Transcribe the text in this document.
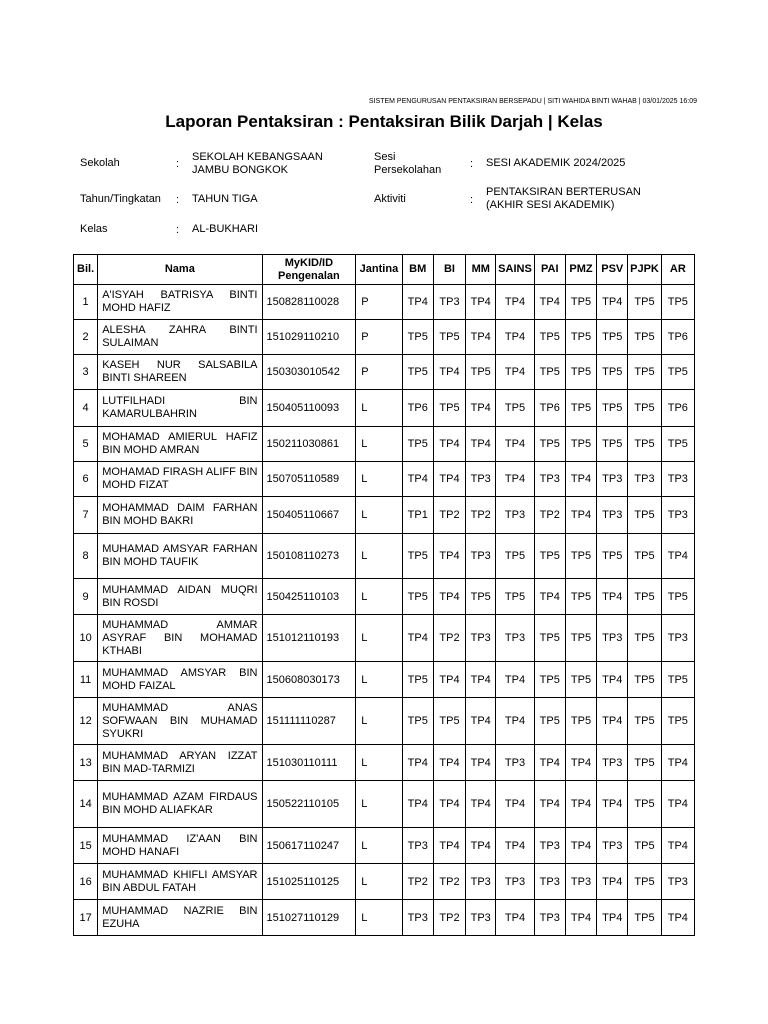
SISTEM PENGURUSAN PENTAKSIRAN BERSEPADU | SITI WAHIDA BINTI WAHAB | 03/01/2025 16:09
Laporan Pentaksiran : Pentaksiran Bilik Darjah | Kelas
Sekolah	:
SEKOLAH KEBANGSAAN JAMBU BONGKOK
Sesi Persekolahan	: SESI AKADEMIK 2024/2025
Tahun/Tingkatan : TAHUN TIGA	Aktiviti	:
PENTAKSIRAN BERTERUSAN (AKHIR SESI AKADEMIK)
Kelas	: AL-BUKHARI
Bil.	Nama	MyKID/ID Pengenalan	Jantina	BM	BI	MM	SAINS	PAI	PMZ	PSV	PJPK	AR
1	A'ISYAH BATRISYA BINTI MOHD HAFIZ	150828110028	P	TP4	TP3	TP4	TP4	TP4	TP5	TP4	TP5	TP5
2	ALESHA ZAHRA BINTI SULAIMAN	151029110210	P	TP5	TP5	TP4	TP4	TP5	TP5	TP5	TP5	TP6
3	KASEH NUR SALSABILA BINTI SHAREEN	150303010542	P	TP5	TP4	TP5	TP4	TP5	TP5	TP5	TP5	TP5
4	LUTFILHADI BIN KAMARULBAHRIN	150405110093	L	TP6	TP5	TP4	TP5	TP6	TP5	TP5	TP5	TP6
5	MOHAMAD AMIERUL HAFIZ BIN MOHD AMRAN	150211030861	L	TP5	TP4	TP4	TP4	TP5	TP5	TP5	TP5	TP5
6	MOHAMAD FIRASH ALIFF BIN MOHD FIZAT	150705110589	L	TP4	TP4	TP3	TP4	TP3	TP4	TP3	TP3	TP3
7	MOHAMMAD DAIM FARHAN BIN MOHD BAKRI	150405110667	L	TP1	TP2	TP2	TP3	TP2	TP4	TP3	TP5	TP3
8	MUHAMAD AMSYAR FARHAN BIN MOHD TAUFIK	150108110273	L	TP5	TP4	TP3	TP5	TP5	TP5	TP5	TP5	TP4
9	MUHAMMAD AIDAN MUQRI BIN ROSDI	150425110103	L	TP5	TP4	TP5	TP5	TP4	TP5	TP4	TP5	TP5
10	MUHAMMAD AMMAR ASYRAF BIN MOHAMAD KTHABI	151012110193	L	TP4	TP2	TP3	TP3	TP5	TP5	TP3	TP5	TP3
11	MUHAMMAD AMSYAR BIN MOHD FAIZAL	150608030173	L	TP5	TP4	TP4	TP4	TP5	TP5	TP4	TP5	TP5
12	MUHAMMAD ANAS SOFWAAN BIN MUHAMAD SYUKRI	151111110287	L	TP5	TP5	TP4	TP4	TP5	TP5	TP4	TP5	TP5
13	MUHAMMAD ARYAN IZZAT BIN MAD-TARMIZI	151030110111	L	TP4	TP4	TP4	TP3	TP4	TP4	TP3	TP5	TP4
14	MUHAMMAD AZAM FIRDAUS BIN MOHD ALIAFKAR	150522110105	L	TP4	TP4	TP4	TP4	TP4	TP4	TP4	TP5	TP4
15	MUHAMMAD IZ'AAN BIN MOHD HANAFI	150617110247	L	TP3	TP4	TP4	TP4	TP3	TP4	TP3	TP5	TP4
16	MUHAMMAD KHIFLI AMSYAR BIN ABDUL FATAH	151025110125	L	TP2	TP2	TP3	TP3	TP3	TP3	TP4	TP5	TP3
17	MUHAMMAD NAZRIE BIN EZUHA	151027110129	L	TP3	TP2	TP3	TP4	TP3	TP4	TP4	TP5	TP4
